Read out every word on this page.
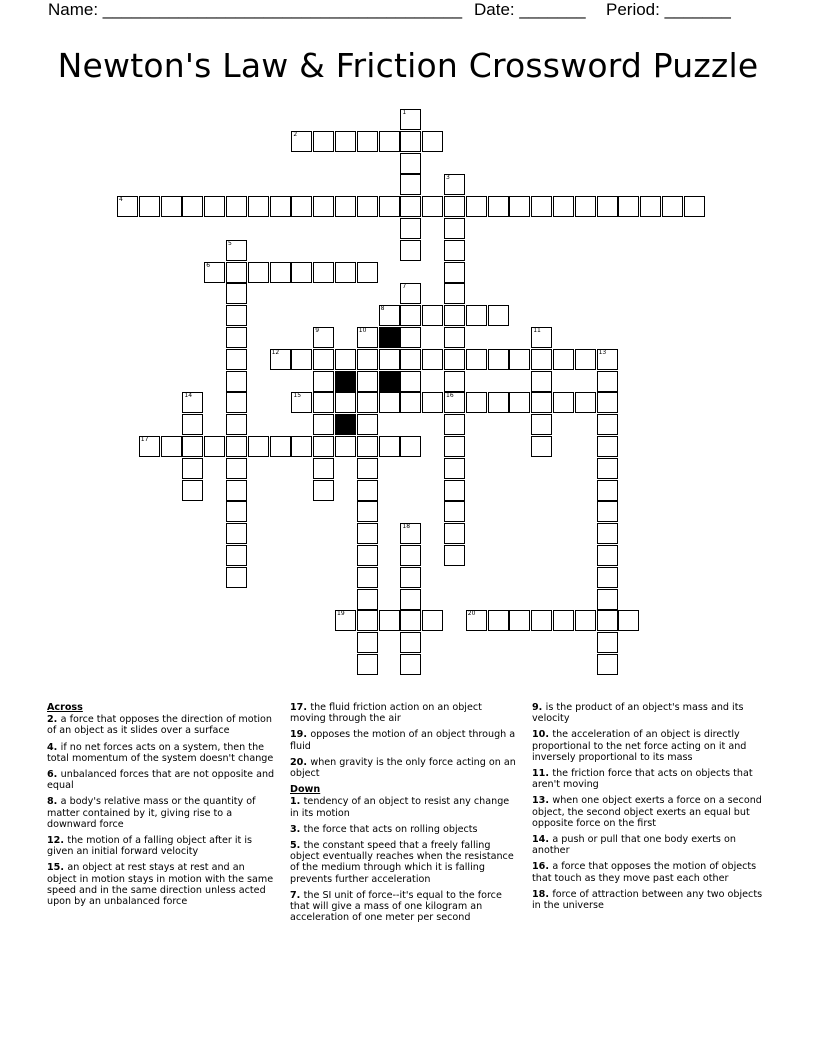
Name: ______________________________________ Date: _______ Period: _______
Newton's Law & Friction Crossword Puzzle
1
2
3
16
4
5
6
7
8
9	10	11
12	13
14	15
17
18
19	20
Across
2. a force that opposes the direction of motion of an object as it slides over a surface
4. if no net forces acts on a system, then the total momentum of the system doesn't change
6. unbalanced forces that are not opposite and equal
8. a body's relative mass or the quantity of matter contained by it, giving rise to a downward force
12. the motion of a falling object after it is given an initial forward velocity
15. an object at rest stays at rest and an object in motion stays in motion with the same speed and in the same direction unless acted upon by an unbalanced force
17. the fluid friction action on an object moving through the air
19. opposes the motion of an object through a fluid
20. when gravity is the only force acting on an object
Down
1. tendency of an object to resist any change in its motion
3. the force that acts on rolling objects
5. the constant speed that a freely falling object eventually reaches when the resistance of the medium through which it is falling prevents further acceleration
7. the SI unit of force--it's equal to the force that will give a mass of one kilogram an acceleration of one meter per second
9. is the product of an object's mass and its velocity
10. the acceleration of an object is directly proportional to the net force acting on it and inversely proportional to its mass
11. the friction force that acts on objects that aren't moving
13. when one object exerts a force on a second object, the second object exerts an equal but opposite force on the first
14. a push or pull that one body exerts on another
16. a force that opposes the motion of objects that touch as they move past each other
18. force of attraction between any two objects in the universe
